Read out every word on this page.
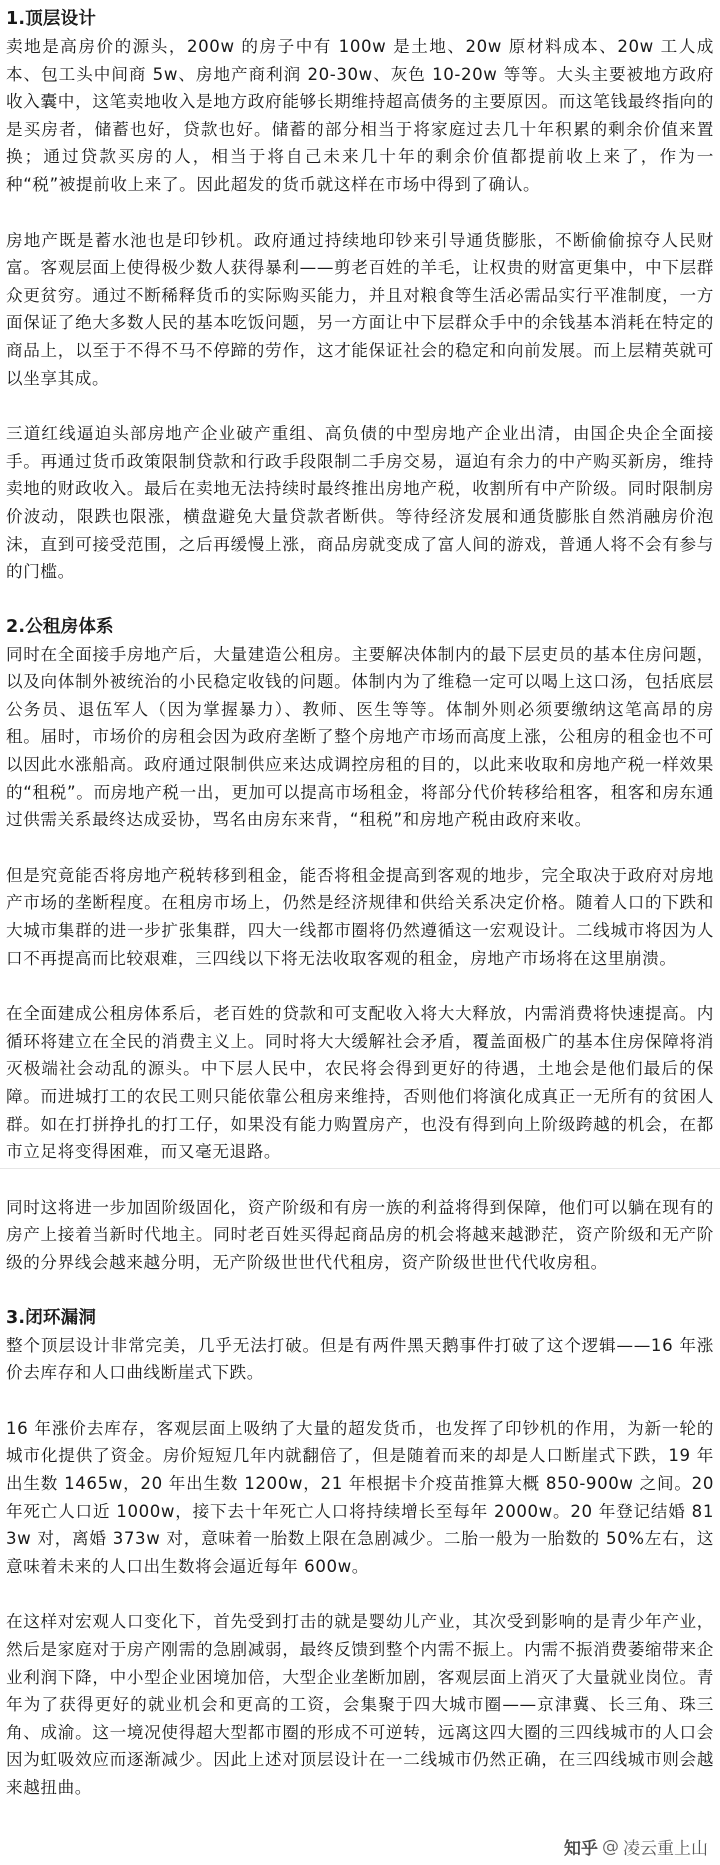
1.顶层设计

卖地是高房价的源头，200w 的房子中有 100w 是土地、20w 原材料成本、20w 工人成本、包工头中间商 5w、房地产商利润 20-30w、灰色 10-20w 等等。大头主要被地方政府收入囊中，这笔卖地收入是地方政府能够长期维持超高债务的主要原因。而这笔钱最终指向的是买房者，储蓄也好，贷款也好。储蓄的部分相当于将家庭过去几十年积累的剩余价值来置换；通过贷款买房的人，相当于将自己未来几十年的剩余价值都提前收上来了，作为一种“税”被提前收上来了。因此超发的货币就这样在市场中得到了确认。

房地产既是蓄水池也是印钞机。政府通过持续地印钞来引导通货膨胀，不断偷偷掠夺人民财富。客观层面上使得极少数人获得暴利——剪老百姓的羊毛，让权贵的财富更集中，中下层群众更贫穷。通过不断稀释货币的实际购买能力，并且对粮食等生活必需品实行平准制度，一方面保证了绝大多数人民的基本吃饭问题，另一方面让中下层群众手中的余钱基本消耗在特定的商品上，以至于不得不马不停蹄的劳作，这才能保证社会的稳定和向前发展。而上层精英就可以坐享其成。

三道红线逼迫头部房地产企业破产重组、高负债的中型房地产企业出清，由国企央企全面接手。再通过货币政策限制贷款和行政手段限制二手房交易，逼迫有余力的中产购买新房，维持卖地的财政收入。最后在卖地无法持续时最终推出房地产税，收割所有中产阶级。同时限制房价波动，限跌也限涨，横盘避免大量贷款者断供。等待经济发展和通货膨胀自然消融房价泡沫，直到可接受范围，之后再缓慢上涨，商品房就变成了富人间的游戏，普通人将不会有参与的门槛。

2.公租房体系

同时在全面接手房地产后，大量建造公租房。主要解决体制内的最下层吏员的基本住房问题，以及向体制外被统治的小民稳定收钱的问题。体制内为了维稳一定可以喝上这口汤，包括底层公务员、退伍军人（因为掌握暴力）、教师、医生等等。体制外则必须要缴纳这笔高昂的房租。届时，市场价的房租会因为政府垄断了整个房地产市场而高度上涨，公租房的租金也不可以因此水涨船高。政府通过限制供应来达成调控房租的目的，以此来收取和房地产税一样效果的“租税”。而房地产税一出，更加可以提高市场租金，将部分代价转移给租客，租客和房东通过供需关系最终达成妥协，骂名由房东来背，“租税”和房地产税由政府来收。

但是究竟能否将房地产税转移到租金，能否将租金提高到客观的地步，完全取决于政府对房地产市场的垄断程度。在租房市场上，仍然是经济规律和供给关系决定价格。随着人口的下跌和大城市集群的进一步扩张集群，四大一线都市圈将仍然遵循这一宏观设计。二线城市将因为人口不再提高而比较艰难，三四线以下将无法收取客观的租金，房地产市场将在这里崩溃。

在全面建成公租房体系后，老百姓的贷款和可支配收入将大大释放，内需消费将快速提高。内循环将建立在全民的消费主义上。同时将大大缓解社会矛盾，覆盖面极广的基本住房保障将消灭极端社会动乱的源头。中下层人民中，农民将会得到更好的待遇，土地会是他们最后的保障。而进城打工的农民工则只能依靠公租房来维持，否则他们将演化成真正一无所有的贫困人群。如在打拼挣扎的打工仔，如果没有能力购置房产，也没有得到向上阶级跨越的机会，在都市立足将变得困难，而又毫无退路。

同时这将进一步加固阶级固化，资产阶级和有房一族的利益将得到保障，他们可以躺在现有的房产上接着当新时代地主。同时老百姓买得起商品房的机会将越来越渺茫，资产阶级和无产阶级的分界线会越来越分明，无产阶级世世代代租房，资产阶级世世代代收房租。

3.闭环漏洞

整个顶层设计非常完美，几乎无法打破。但是有两件黑天鹅事件打破了这个逻辑——16 年涨价去库存和人口曲线断崖式下跌。

16 年涨价去库存，客观层面上吸纳了大量的超发货币，也发挥了印钞机的作用，为新一轮的城市化提供了资金。房价短短几年内就翻倍了，但是随着而来的却是人口断崖式下跌，19 年出生数 1465w，20 年出生数 1200w，21 年根据卡介疫苗推算大概 850-900w 之间。20 年死亡人口近 1000w，接下去十年死亡人口将持续增长至每年 2000w。20 年登记结婚 813w 对，离婚 373w 对，意味着一胎数上限在急剧减少。二胎一般为一胎数的 50%左右，这意味着未来的人口出生数将会逼近每年 600w。

在这样对宏观人口变化下，首先受到打击的就是婴幼儿产业，其次受到影响的是青少年产业，然后是家庭对于房产刚需的急剧减弱，最终反馈到整个内需不振上。内需不振消费萎缩带来企业利润下降，中小型企业困境加倍，大型企业垄断加剧，客观层面上消灭了大量就业岗位。青年为了获得更好的就业机会和更高的工资，会集聚于四大城市圈——京津冀、长三角、珠三角、成渝。这一境况使得超大型都市圈的形成不可逆转，远离这四大圈的三四线城市的人口会因为虹吸效应而逐渐减少。因此上述对顶层设计在一二线城市仍然正确，在三四线城市则会越来越扭曲。

知乎 @ 凌云重上山
